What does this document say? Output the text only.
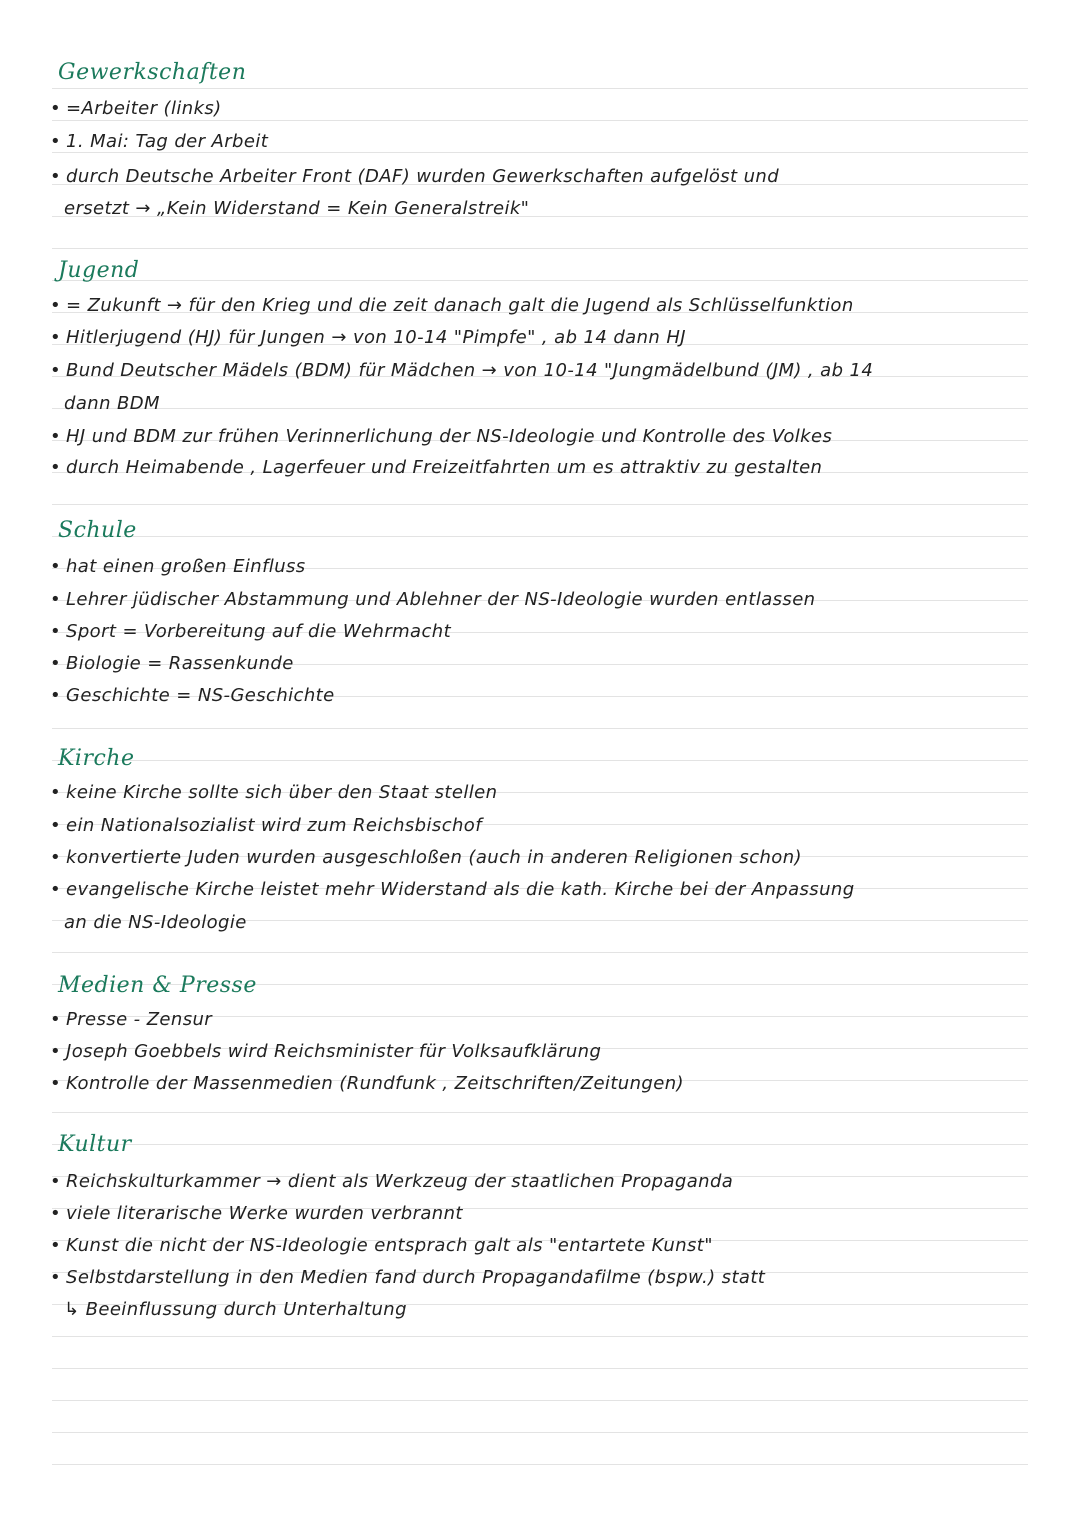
Gewerkschaften
• =Arbeiter (links)
• 1. Mai: Tag der Arbeit
• durch Deutsche Arbeiter Front (DAF) wurden Gewerkschaften aufgelöst und
ersetzt → „Kein Widerstand = Kein Generalstreik"
Jugend
• = Zukunft → für den Krieg und die zeit danach galt die Jugend als Schlüsselfunktion
• Hitlerjugend (HJ) für Jungen → von 10-14 "Pimpfe" , ab 14 dann HJ
• Bund Deutscher Mädels (BDM) für Mädchen → von 10-14 "Jungmädelbund (JM) , ab 14
dann BDM
• HJ und BDM zur frühen Verinnerlichung der NS-Ideologie und Kontrolle des Volkes
• durch Heimabende , Lagerfeuer und Freizeitfahrten um es attraktiv zu gestalten
Schule
• hat einen großen Einfluss
• Lehrer jüdischer Abstammung und Ablehner der NS-Ideologie wurden entlassen
• Sport = Vorbereitung auf die Wehrmacht
• Biologie = Rassenkunde
• Geschichte = NS-Geschichte
Kirche
• keine Kirche sollte sich über den Staat stellen
• ein Nationalsozialist wird zum Reichsbischof
• konvertierte Juden wurden ausgeschloßen (auch in anderen Religionen schon)
• evangelische Kirche leistet mehr Widerstand als die kath. Kirche bei der Anpassung
an die NS-Ideologie
Medien & Presse
• Presse - Zensur
• Joseph Goebbels wird Reichsminister für Volksaufklärung
• Kontrolle der Massenmedien (Rundfunk , Zeitschriften/Zeitungen)
Kultur
• Reichskulturkammer → dient als Werkzeug der staatlichen Propaganda
• viele literarische Werke wurden verbrannt
• Kunst die nicht der NS-Ideologie entsprach galt als "entartete Kunst"
• Selbstdarstellung in den Medien fand durch Propagandafilme (bspw.) statt
↳ Beeinflussung durch Unterhaltung
